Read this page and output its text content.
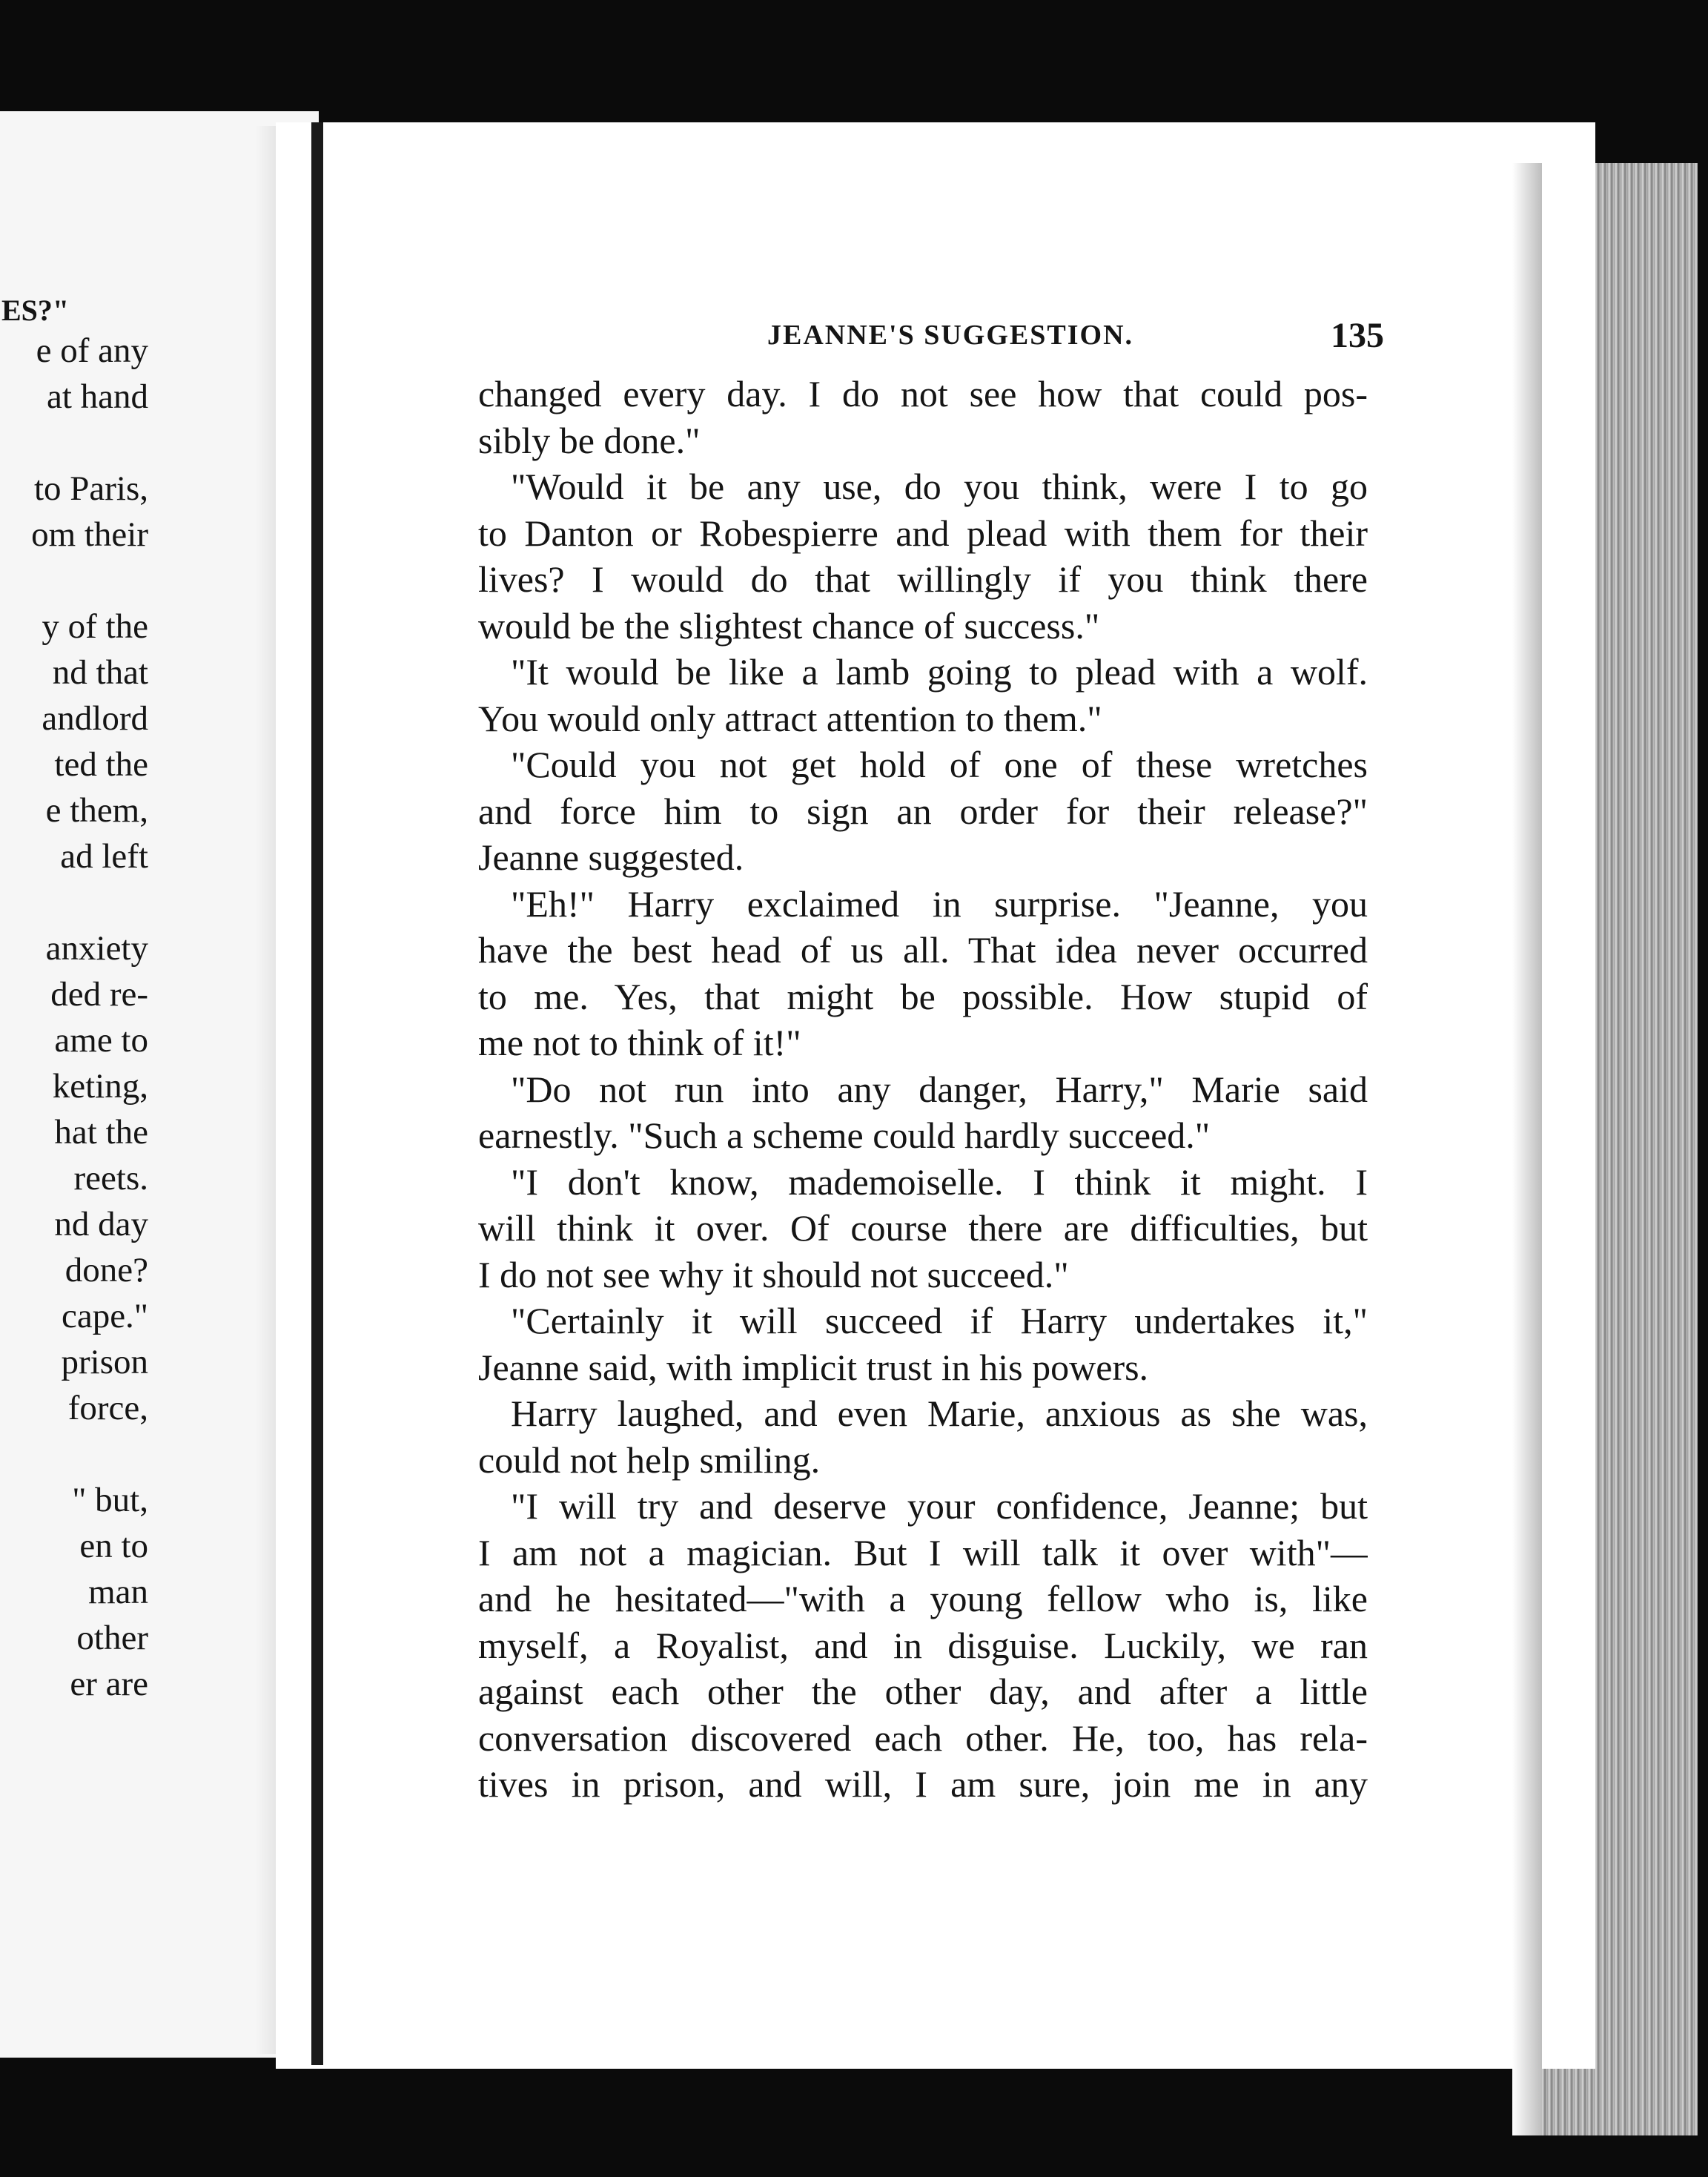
ES?"
e of any
at hand
to Paris,
om their
y of the
nd that
andlord
ted the
e them,
ad left
anxiety
ded re-
ame to
keting,
hat the
reets.
nd day
done?
cape."
prison
force,
" but,
en to
man
other
er are
JEANNE'S SUGGESTION.	135
changed every day. I do not see how that could pos-
sibly be done."
"Would it be any use, do you think, were I to go
to Danton or Robespierre and plead with them for their
lives? I would do that willingly if you think there
would be the slightest chance of success."
"It would be like a lamb going to plead with a wolf.
You would only attract attention to them."
"Could you not get hold of one of these wretches
and force him to sign an order for their release?"
Jeanne suggested.
"Eh!" Harry exclaimed in surprise. "Jeanne, you
have the best head of us all. That idea never occurred
to me. Yes, that might be possible. How stupid of
me not to think of it!"
"Do not run into any danger, Harry," Marie said
earnestly. "Such a scheme could hardly succeed."
"I don't know, mademoiselle. I think it might. I
will think it over. Of course there are difficulties, but
I do not see why it should not succeed."
"Certainly it will succeed if Harry undertakes it,"
Jeanne said, with implicit trust in his powers.
Harry laughed, and even Marie, anxious as she was,
could not help smiling.
"I will try and deserve your confidence, Jeanne; but
I am not a magician. But I will talk it over with"—
and he hesitated—"with a young fellow who is, like
myself, a Royalist, and in disguise. Luckily, we ran
against each other the other day, and after a little
conversation discovered each other. He, too, has rela-
tives in prison, and will, I am sure, join me in any
